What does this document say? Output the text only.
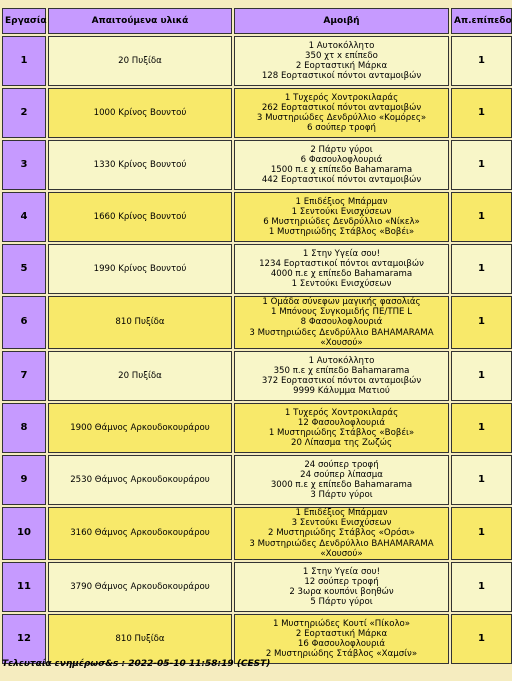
Εργασία	Απαιτούμενα υλικά	Αμοιβή	Απ.επίπεδο
1	20 Πυξίδα	1 Αυτοκόλλητο
350 χτ x επίπεδο
2 Εορταστική Μάρκα
128 Εορταστικοί πόντοι ανταμοιβών	1
2	1000 Κρίνος Βουντού	1 Τυχερός Χοντροκιλαράς
262 Εορταστικοί πόντοι ανταμοιβών
3 Μυστηριώδες Δενδρύλλιο «Κομόρες»
6 σούπερ τροφή	1
3	1330 Κρίνος Βουντού	2 Πάρτυ γύροι
6 Φασουλοφλουριά
1500 π.ε χ επίπεδο Bahamarama
442 Εορταστικοί πόντοι ανταμοιβών	1
4	1660 Κρίνος Βουντού	1 Επιδέξιος Μπάρμαν
1 Σεντούκι Ενισχύσεων
6 Μυστηριώδες Δενδρύλλιο «Νίκελ»
1 Μυστηριώδης Στάβλος «Βοβέι»	1
5	1990 Κρίνος Βουντού	1 Στην Υγεία σου!
1234 Εορταστικοί πόντοι ανταμοιβών
4000 π.ε χ επίπεδο Bahamarama
1 Σεντούκι Ενισχύσεων	1
6	810 Πυξίδα	1 Ομάδα σύνεφων μαγικής φασολιάς
1 Μπόνους Συγκομιδής ΠΕ/ΤΠΕ L
8 Φασουλοφλουριά
3 Μυστηριώδες Δενδρύλλιο BAHAMARAMA
«Χουσού»	1
7	20 Πυξίδα	1 Αυτοκόλλητο
350 π.ε χ επίπεδο Bahamarama
372 Εορταστικοί πόντοι ανταμοιβών
9999 Κάλυμμα Ματιού	1
8	1900 Θάμνος Αρκουδοκουράρου	1 Τυχερός Χοντροκιλαράς
12 Φασουλοφλουριά
1 Μυστηριώδης Στάβλος «Βοβέι»
20 Λίπασμα της Ζωζώς	1
9	2530 Θάμνος Αρκουδοκουράρου	24 σούπερ τροφή
24 σούπερ λίπασμα
3000 π.ε χ επίπεδο Bahamarama
3 Πάρτυ γύροι	1
10	3160 Θάμνος Αρκουδοκουράρου	1 Επιδέξιος Μπάρμαν
3 Σεντούκι Ενισχύσεων
2 Μυστηριώδης Στάβλος «Ορόσι»
3 Μυστηριώδες Δενδρύλλιο BAHAMARAMA
«Χουσού»	1
11	3790 Θάμνος Αρκουδοκουράρου	1 Στην Υγεία σου!
12 σούπερ τροφή
2 3ωρα κουπόνι βοηθών
5 Πάρτυ γύροι	1
12	810 Πυξίδα	1 Μυστηριώδες Κουτί «Πίκολο»
2 Εορταστική Μάρκα
16 Φασουλοφλουριά
2 Μυστηριώδης Στάβλος «Χαμσίν»	1
Τελευταία ενημέρωσ&s : 2022-05-10 11:58:19 (CEST)
